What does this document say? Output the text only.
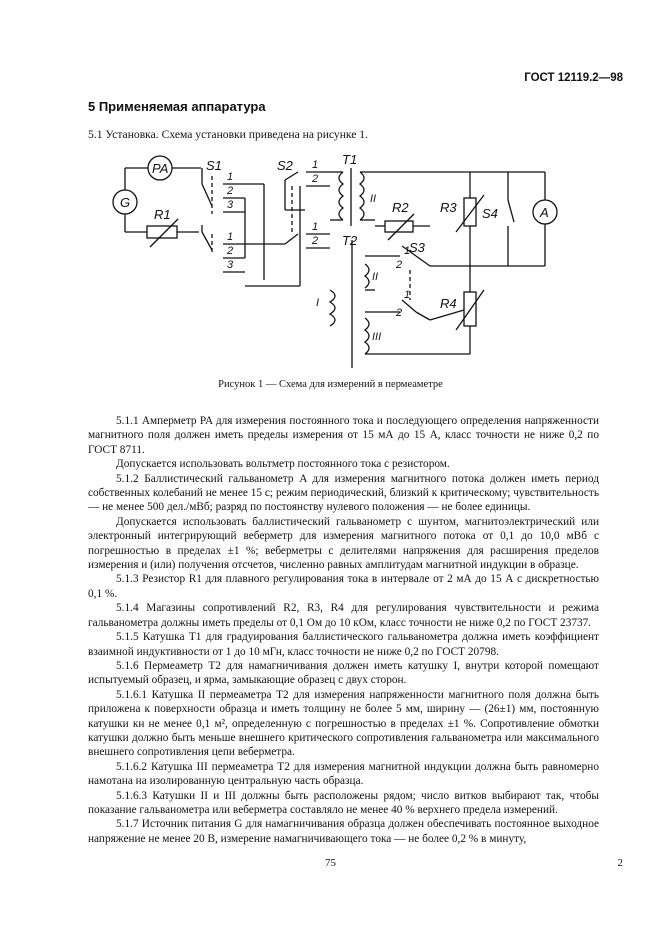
ГОСТ 12119.2—98
5 Применяемая аппаратура
5.1 Установка. Схема установки приведена на рисунке 1.
PA
G
R1
S1	S2	T1
T2
R2 R3 S4	A
S3
R4
1
2
3
1
2
3
1
2
1
2
1
2
1
2
I
II
II
III
Рисунок 1 — Схема для измерений в пермеаметре

5.1.1 Амперметр PA для измерения постоянного тока и последующего определения напряженности магнитного поля должен иметь пределы измерения от 15 мА до 15 А, класс точности не ниже 0,2 по ГОСТ 8711.

Допускается использовать вольтметр постоянного тока с резистором.

5.1.2 Баллистический гальванометр A для измерения магнитного потока должен иметь период собственных колебаний не менее 15 с; режим периодический, близкий к критическому; чувствительность — не менее 500 дел./мВб; разряд по постоянству нулевого положения — не более единицы.

Допускается использовать баллистический гальванометр с шунтом, магнитоэлектрический или электронный интегрирующий веберметр для измерения магнитного потока от 0,1 до 10,0 мВб с погрешностью в пределах ±1 %; веберметры с делителями напряжения для расширения пределов измерения и (или) получения отсчетов, численно равных амплитудам магнитной индукции в образце.

5.1.3 Резистор R1 для плавного регулирования тока в интервале от 2 мА до 15 А с дискретностью 0,1 %.

5.1.4 Магазины сопротивлений R2, R3, R4 для регулирования чувствительности и режима гальванометра должны иметь пределы от 0,1 Ом до 10 кОм, класс точности не ниже 0,2 по ГОСТ 23737.

5.1.5 Катушка T1 для градуирования баллистического гальванометра должна иметь коэффициент взаимной индуктивности от 1 до 10 мГн, класс точности не ниже 0,2 по ГОСТ 20798.

5.1.6 Пермеаметр T2 для намагничивания должен иметь катушку I, внутри которой помещают испытуемый образец, и ярма, замыкающие образец с двух сторон.

5.1.6.1 Катушка II пермеаметра T2 для измерения напряженности магнитного поля должна быть приложена к поверхности образца и иметь толщину не более 5 мм, ширину — (26±1) мм, постоянную катушки кн не менее 0,1 м², определенную с погрешностью в пределах ±1 %. Сопротивление обмотки катушки должно быть меньше внешнего критического сопротивления гальванометра или максимального внешнего сопротивления цепи веберметра.

5.1.6.2 Катушка III пермеаметра T2 для измерения магнитной индукции должна быть равномерно намотана на изолированную центральную часть образца.

5.1.6.3 Катушки II и III должны быть расположены рядом; число витков выбирают так, чтобы показание гальванометра или веберметра составляло не менее 40 % верхнего предела измерений.

5.1.7 Источник питания G для намагничивания образца должен обеспечивать постоянное выходное напряжение не менее 20 В, измерение намагничивающего тока — не более 0,2 % в минуту,

75	2
